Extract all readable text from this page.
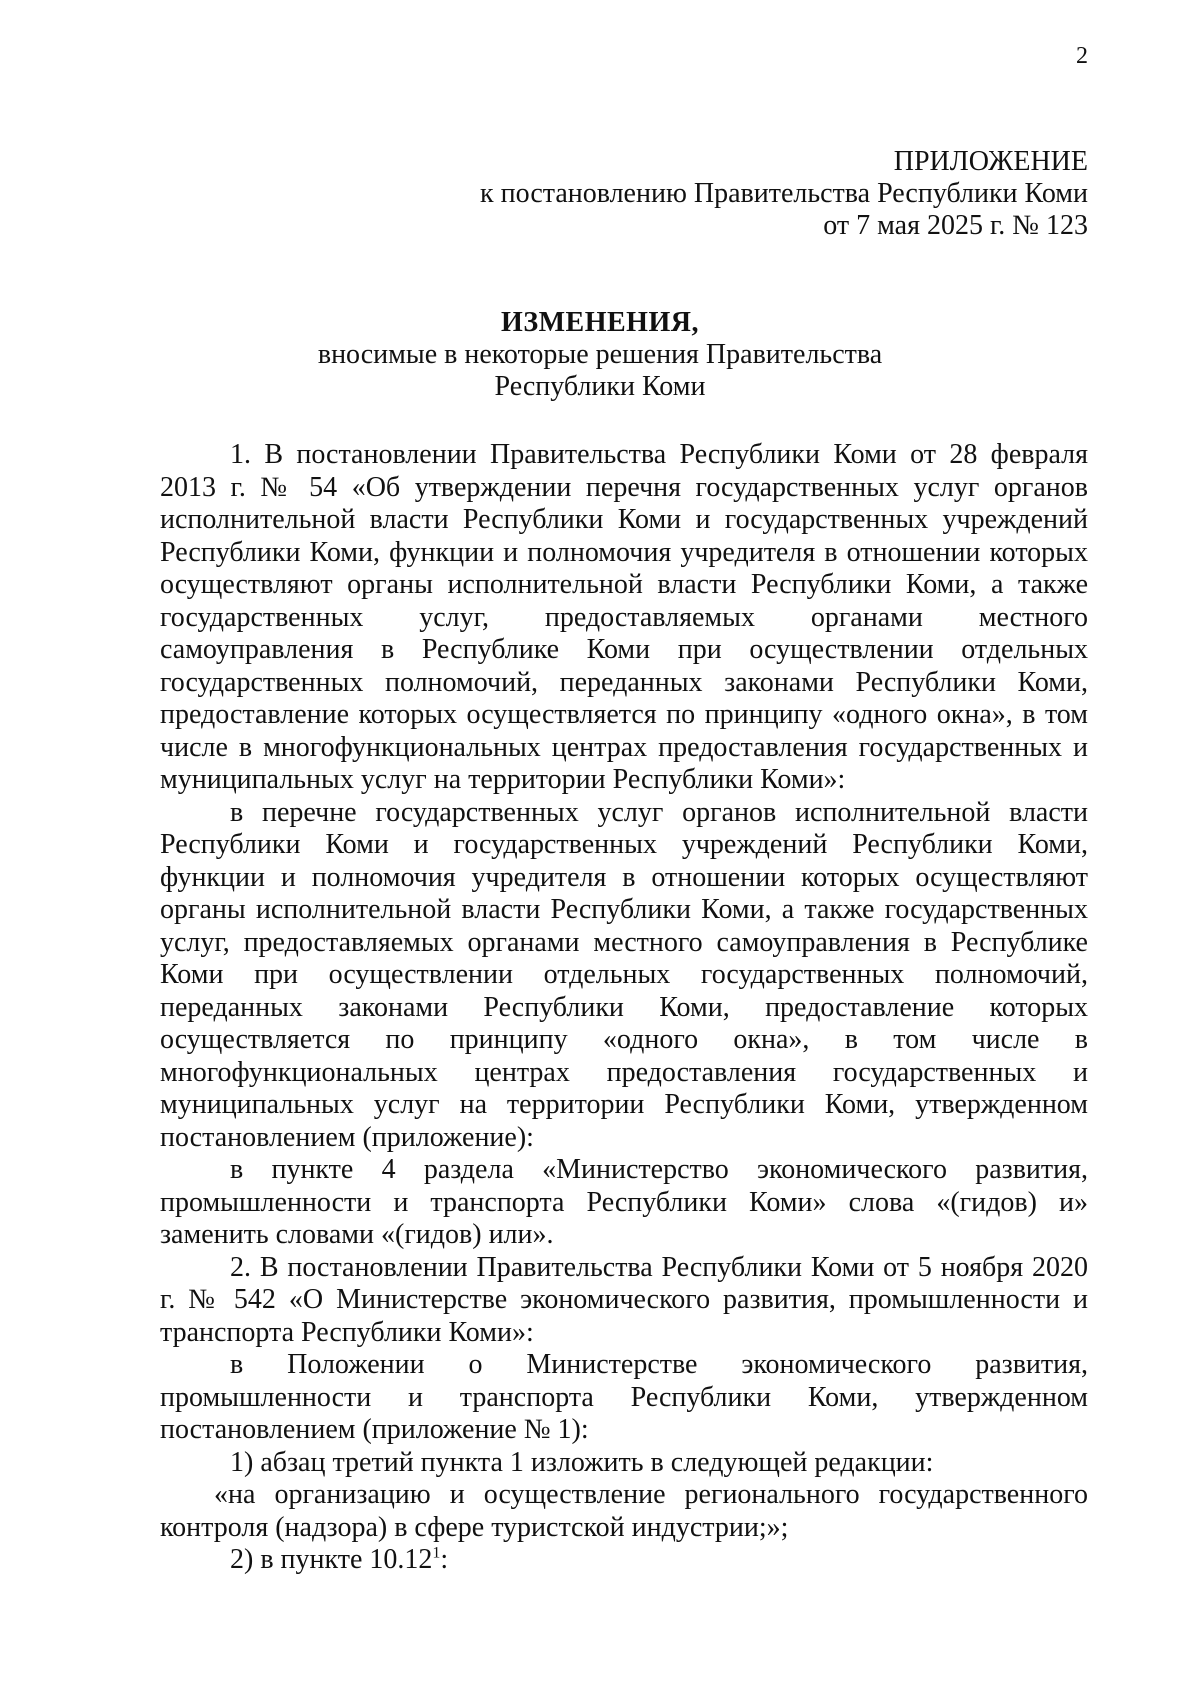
2
ПРИЛОЖЕНИЕ
к постановлению Правительства Республики Коми
от 7 мая 2025 г. № 123
ИЗМЕНЕНИЯ,
вносимые в некоторые решения Правительства
Республики Коми

1. В постановлении Правительства Республики Коми от 28 февраля 2013 г. № 54 «Об утверждении перечня государственных услуг органов исполнительной власти Республики Коми и государственных учреждений Республики Коми, функции и полномочия учредителя в отношении которых осуществляют органы исполнительной власти Республики Коми, а также государственных услуг, предоставляемых органами местного самоуправления в Республике Коми при осуществлении отдельных государственных полномочий, переданных законами Республики Коми, предоставление которых осуществляется по принципу «одного окна», в том числе в многофункциональных центрах предоставления государственных и муниципальных услуг на территории Республики Коми»:

в перечне государственных услуг органов исполнительной власти Республики Коми и государственных учреждений Республики Коми, функции и полномочия учредителя в отношении которых осуществляют органы исполнительной власти Республики Коми, а также государственных услуг, предоставляемых органами местного самоуправления в Республике Коми при осуществлении отдельных государственных полномочий, переданных законами Республики Коми, предоставление которых осуществляется по принципу «одного окна», в том числе в многофункциональных центрах предоставления государственных и муниципальных услуг на территории Республики Коми, утвержденном постановлением (приложение):

в пункте 4 раздела «Министерство экономического развития, промышленности и транспорта Республики Коми» слова «(гидов) и» заменить словами «(гидов) или».

2. В постановлении Правительства Республики Коми от 5 ноября 2020 г. № 542 «О Министерстве экономического развития, промышленности и транспорта Республики Коми»:

в Положении о Министерстве экономического развития, промышленности и транспорта Республики Коми, утвержденном постановлением (приложение № 1):

1) абзац третий пункта 1 изложить в следующей редакции:

«на организацию и осуществление регионального государственного контроля (надзора) в сфере туристской индустрии;»;

2) в пункте 10.12$^1$:
